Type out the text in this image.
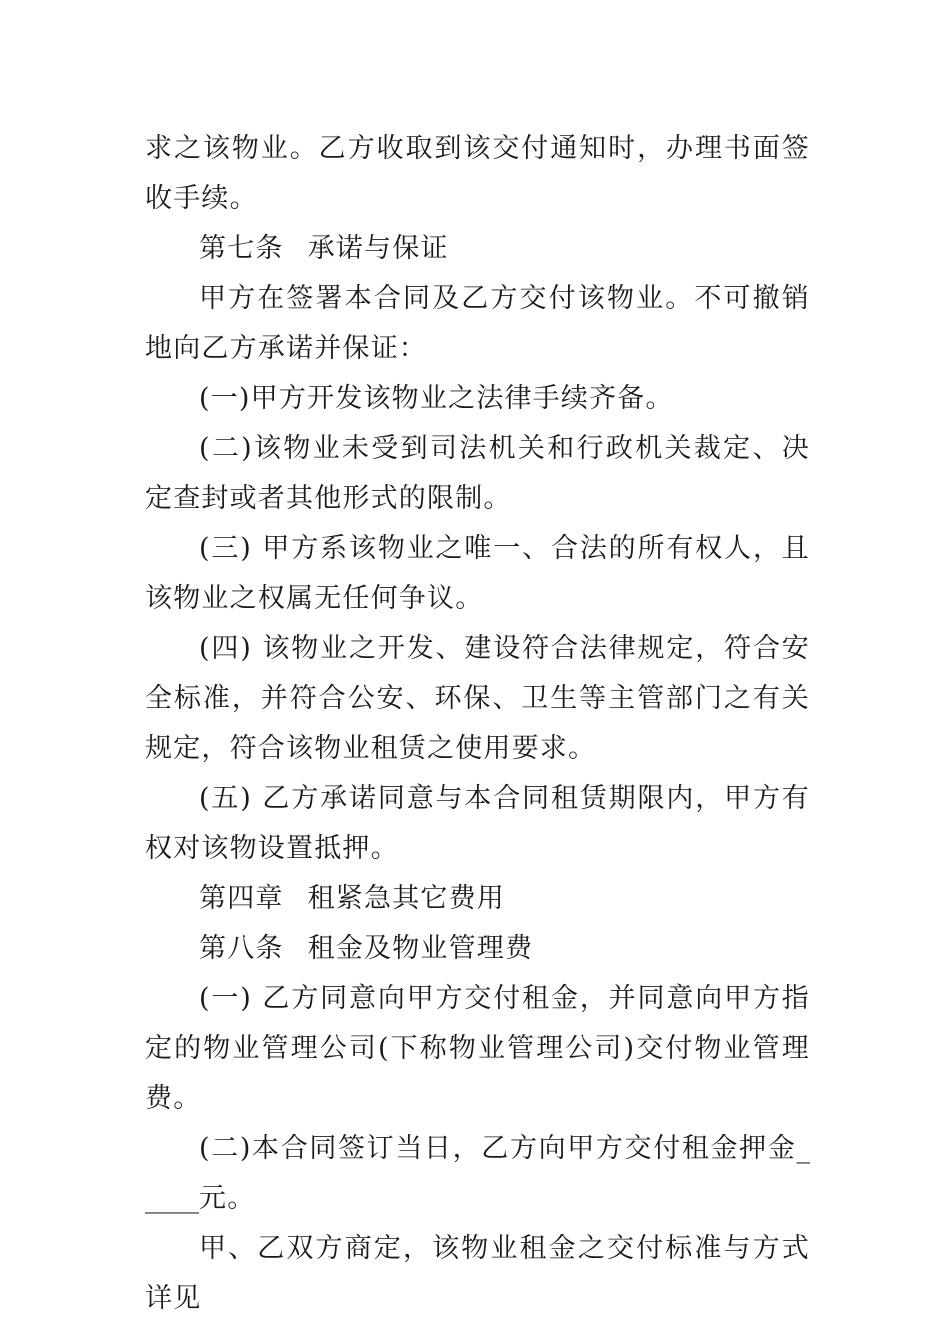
求之该物业。乙方收取到该交付通知时，办理书面签收手续。

第七条 承诺与保证

甲方在签署本合同及乙方交付该物业。不可撤销地向乙方承诺并保证：

(一)甲方开发该物业之法律手续齐备。

(二)该物业未受到司法机关和行政机关裁定、决定查封或者其他形式的限制。

(三) 甲方系该物业之唯一、合法的所有权人，且该物业之权属无任何争议。

(四) 该物业之开发、建设符合法律规定，符合安全标准，并符合公安、环保、卫生等主管部门之有关规定，符合该物业租赁之使用要求。

(五) 乙方承诺同意与本合同租赁期限内，甲方有权对该物设置抵押。

第四章 租紧急其它费用

第八条 租金及物业管理费

(一) 乙方同意向甲方交付租金，并同意向甲方指定的物业管理公司(下称物业管理公司)交付物业管理费。

(二)本合同签订当日，乙方向甲方交付租金押金_____元。

甲、乙双方商定，该物业租金之交付标准与方式详见
